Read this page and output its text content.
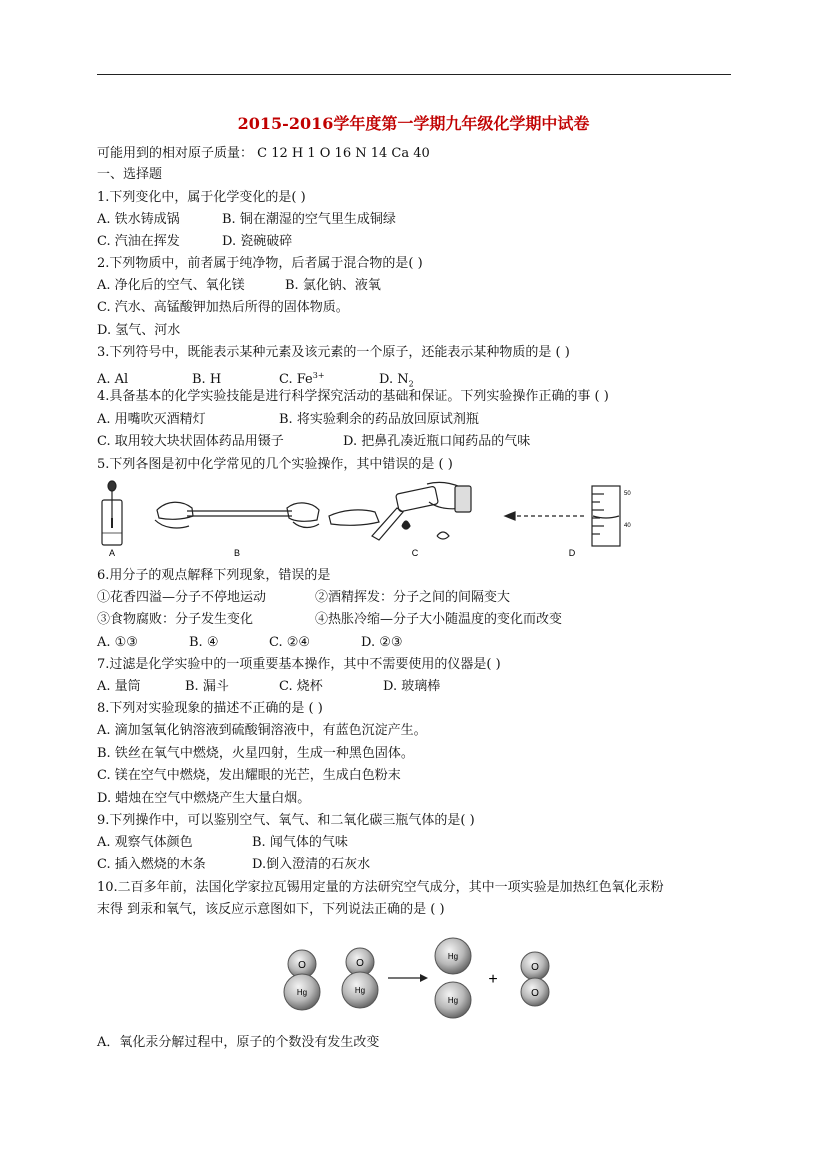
2015-2016学年度第一学期九年级化学期中试卷
可能用到的相对原子质量： C 12 H 1 O 16 N 14 Ca 40
一、选择题
1.下列变化中，属于化学变化的是( )
A. 铁水铸成锅	B. 铜在潮湿的空气里生成铜绿
C. 汽油在挥发	D. 瓷碗破碎
2.下列物质中，前者属于纯净物，后者属于混合物的是( )
A. 净化后的空气、氧化镁	B. 氯化钠、液氧
C. 汽水、高锰酸钾加热后所得的固体物质。
D. 氢气、河水
3.下列符号中，既能表示某种元素及该元素的一个原子，还能表示某种物质的是 ( )
A. Al	B. H	C. $Fe^{3+}$	D. $N_2$
4.具备基本的化学实验技能是进行科学探究活动的基础和保证。下列实验操作正确的事 ( )
A. 用嘴吹灭酒精灯	B. 将实验剩余的药品放回原试剂瓶
C. 取用较大块状固体药品用镊子	D. 把鼻孔凑近瓶口闻药品的气味
5.下列各图是初中化学常见的几个实验操作，其中错误的是 ( )
A	B	C
50
40
D
6.用分子的观点解释下列现象，错误的是
①花香四溢—分子不停地运动	②酒精挥发：分子之间的间隔变大
③食物腐败：分子发生变化	④热胀冷缩—分子大小随温度的变化而改变
A. ①③	B. ④	C. ②④	D. ②③
7.过滤是化学实验中的一项重要基本操作，其中不需要使用的仪器是( )
A. 量筒	B. 漏斗	C. 烧杯	D. 玻璃棒
8.下列对实验现象的描述不正确的是 ( )
A. 滴加氢氧化钠溶液到硫酸铜溶液中，有蓝色沉淀产生。
B. 铁丝在氧气中燃烧，火星四射，生成一种黑色固体。
C. 镁在空气中燃烧，发出耀眼的光芒，生成白色粉末
D. 蜡烛在空气中燃烧产生大量白烟。
9.下列操作中，可以鉴别空气、氧气、和二氧化碳三瓶气体的是( )
A. 观察气体颜色	B. 闻气体的气味
C. 插入燃烧的木条	D.倒入澄清的石灰水
10.二百多年前，法国化学家拉瓦锡用定量的方法研究空气成分，其中一项实验是加热红色氧化汞粉
末得 到汞和氧气，该反应示意图如下，下列说法正确的是 ( )
O
Hg
O
Hg
Hg
Hg
+
O
O
A．氧化汞分解过程中，原子的个数没有发生改变
